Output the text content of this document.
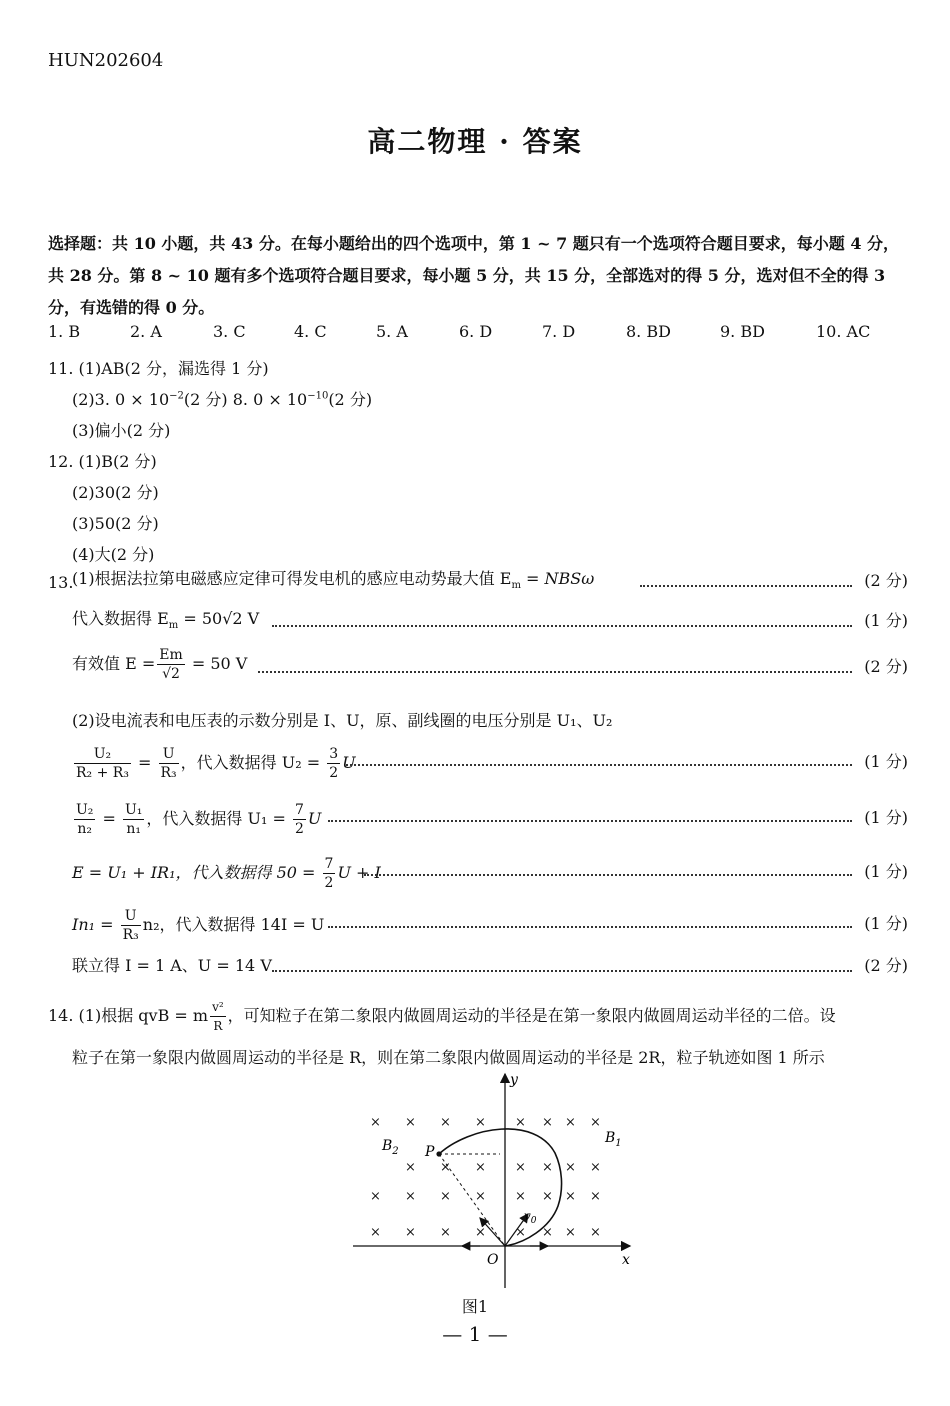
HUN202604
高二物理 · 答案
选择题：共 10 小题，共 43 分。在每小题给出的四个选项中，第 1 ~ 7 题只有一个选项符合题目要求，每小题 4 分，共 28 分。第 8 ~ 10 题有多个选项符合题目要求，每小题 5 分，共 15 分，全部选对的得 5 分，选对但不全的得 3 分，有选错的得 0 分。
1. B	2. A	3. C	4. C	5. A	6. D	7. D	8. BD	9. BD	10. AC
11. (1)AB(2 分，漏选得 1 分)
(2)3. $0 \times 10^{-2}(2$ 分) 8. $0 \times 10^{-10}(2$ 分)
(3)偏小(2 分)
12. (1)B(2 分)
(2)30(2 分)
(3)50(2 分)
(4)大(2 分)
13.
(1)根据法拉第电磁感应定律可得发电机的感应电动势最大值 $E_m = NBS\omega$	(2 分)
代入数据得 $E_m = 50√2$ V	(1 分)
有效值 $E = \frac{Em}{√2} = 50$ V	(2 分)
(2)设电流表和电压表的示数分别是 I、U，原、副线圈的电压分别是 U₁、U₂
$\frac{\text{U₂}}{\text{R₂ + R₃}} = \frac{U}{\text{R₃}}$ ，代入数据得 $U_2 = \frac{3}{2}$ U	(1 分)
$\frac{\text{U₂}}{\text{n₂}} = \frac{\text{U₁}}{\text{n₁}}$ ，代入数据得 $U_1 = \frac{7}{2}$ U	(1 分)
E = U₁ + IR₁，代入数据得 $50 = \frac{7}{2}$ U + I	(1 分)
$In_1 = \frac{U}{\text{R₃}} n_2$，代入数据得 14I = U	(1 分)
联立得 I = 1 A、U = 14 V	(2 分)
14. (1)根据 qvB = m $\frac{\text{v²}}{R}$ ，可知粒子在第二象限内做圆周运动的半径是在第一象限内做圆周运动半径的二倍。设
粒子在第一象限内做圆周运动的半径是 R，则在第二象限内做圆周运动的半径是 2R，粒子轨迹如图 1 所示
× × × × × × × ×
× × × × × × ×
× × × × × × × ×
× × × × × × × ×
y
x
O
P
$B_1$
$B_2$
$v_0$
图1
— 1 —
